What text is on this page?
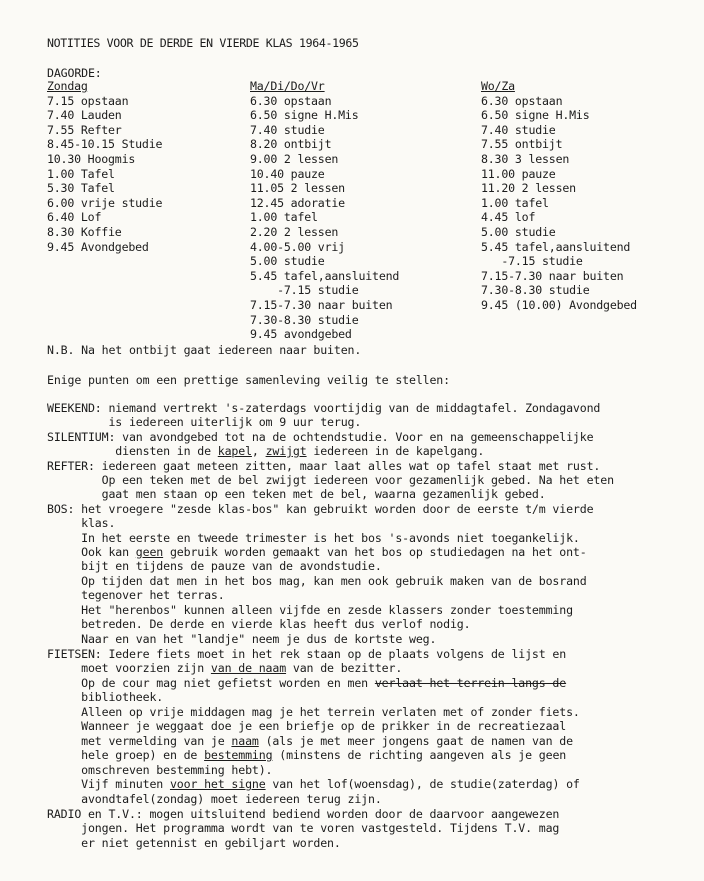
NOTITIES VOOR DE DERDE EN VIERDE KLAS 1964-1965
DAGORDE:
Zondag
7.15 opstaan
7.40 Lauden
7.55 Refter
8.45-10.15 Studie
10.30 Hoogmis
1.00 Tafel
5.30 Tafel
6.00 vrije studie
6.40 Lof
8.30 Koffie
9.45 Avondgebed
Ma/Di/Do/Vr
6.30 opstaan
6.50 signe H.Mis
7.40 studie
8.20 ontbijt
9.00 2 lessen
10.40 pauze
11.05 2 lessen
12.45 adoratie
1.00 tafel
2.20 2 lessen
4.00-5.00 vrij
5.00 studie
5.45 tafel,aansluitend
-7.15 studie
7.15-7.30 naar buiten
7.30-8.30 studie
9.45 avondgebed
Wo/Za
6.30 opstaan
6.50 signe H.Mis
7.40 studie
7.55 ontbijt
8.30 3 lessen
11.00 pauze
11.20 2 lessen
1.00 tafel
4.45 lof
5.00 studie
5.45 tafel,aansluitend
-7.15 studie
7.15-7.30 naar buiten
7.30-8.30 studie
9.45 (10.00) Avondgebed
N.B. Na het ontbijt gaat iedereen naar buiten.
Enige punten om een prettige samenleving veilig te stellen:
WEEKEND: niemand vertrekt 's-zaterdags voortijdig van de middagtafel. Zondagavond
is iedereen uiterlijk om 9 uur terug.
SILENTIUM: van avondgebed tot na de ochtendstudie. Voor en na gemeenschappelijke
diensten in de kapel, zwijgt iedereen in de kapelgang.
REFTER: iedereen gaat meteen zitten, maar laat alles wat op tafel staat met rust.
Op een teken met de bel zwijgt iedereen voor gezamenlijk gebed. Na het eten
gaat men staan op een teken met de bel, waarna gezamenlijk gebed.
BOS: het vroegere "zesde klas-bos" kan gebruikt worden door de eerste t/m vierde
klas.
In het eerste en tweede trimester is het bos 's-avonds niet toegankelijk.
Ook kan geen gebruik worden gemaakt van het bos op studiedagen na het ont-
bijt en tijdens de pauze van de avondstudie.
Op tijden dat men in het bos mag, kan men ook gebruik maken van de bosrand
tegenover het terras.
Het "herenbos" kunnen alleen vijfde en zesde klassers zonder toestemming
betreden. De derde en vierde klas heeft dus verlof nodig.
Naar en van het "landje" neem je dus de kortste weg.
FIETSEN: Iedere fiets moet in het rek staan op de plaats volgens de lijst en
moet voorzien zijn van de naam van de bezitter.
Op de cour mag niet gefietst worden en men verlaat het terrein langs de
bibliotheek.
Alleen op vrije middagen mag je het terrein verlaten met of zonder fiets.
Wanneer je weggaat doe je een briefje op de prikker in de recreatiezaal
met vermelding van je naam (als je met meer jongens gaat de namen van de
hele groep) en de bestemming (minstens de richting aangeven als je geen
omschreven bestemming hebt).
Vijf minuten voor het signe van het lof(woensdag), de studie(zaterdag) of
avondtafel(zondag) moet iedereen terug zijn.
RADIO en T.V.: mogen uitsluitend bediend worden door de daarvoor aangewezen
jongen. Het programma wordt van te voren vastgesteld. Tijdens T.V. mag
er niet getennist en gebiljart worden.
